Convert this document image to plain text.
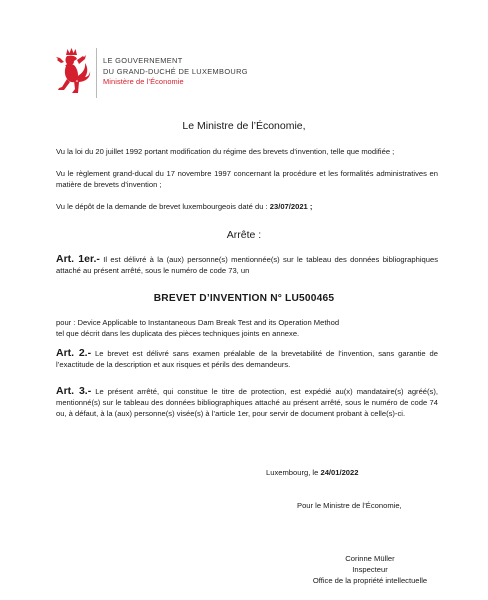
LE GOUVERNEMENT
DU GRAND-DUCHÉ DE LUXEMBOURG
Ministère de l’Économie
Le Ministre de l’Économie,
Vu la loi du 20 juillet 1992 portant modification du régime des brevets d’invention, telle que modifiée ;
Vu le règlement grand-ducal du 17 novembre 1997 concernant la procédure et les formalités administratives en matière de brevets d’invention ;
Vu le dépôt de la demande de brevet luxembourgeois daté du : 23/07/2021 ;
Arrête :
Art. 1er.- Il est délivré à la (aux) personne(s) mentionnée(s) sur le tableau des données bibliographiques attaché au présent arrêté, sous le numéro de code 73, un
BREVET D’INVENTION N° LU500465
pour : Device Applicable to Instantaneous Dam Break Test and its Operation Method
tel que décrit dans les duplicata des pièces techniques joints en annexe.
Art. 2.- Le brevet est délivré sans examen préalable de la brevetabilité de l’invention, sans garantie de l’exactitude de la description et aux risques et périls des demandeurs.
Art. 3.- Le présent arrêté, qui constitue le titre de protection, est expédié au(x) mandataire(s) agréé(s), mentionné(s) sur le tableau des données bibliographiques attaché au présent arrêté, sous le numéro de code 74 ou, à défaut, à la (aux) personne(s) visée(s) à l’article 1er, pour servir de document probant à celle(s)-ci.
Luxembourg, le 24/01/2022
Pour le Ministre de l’Économie,
Corinne Müller
Inspecteur
Office de la propriété intellectuelle
